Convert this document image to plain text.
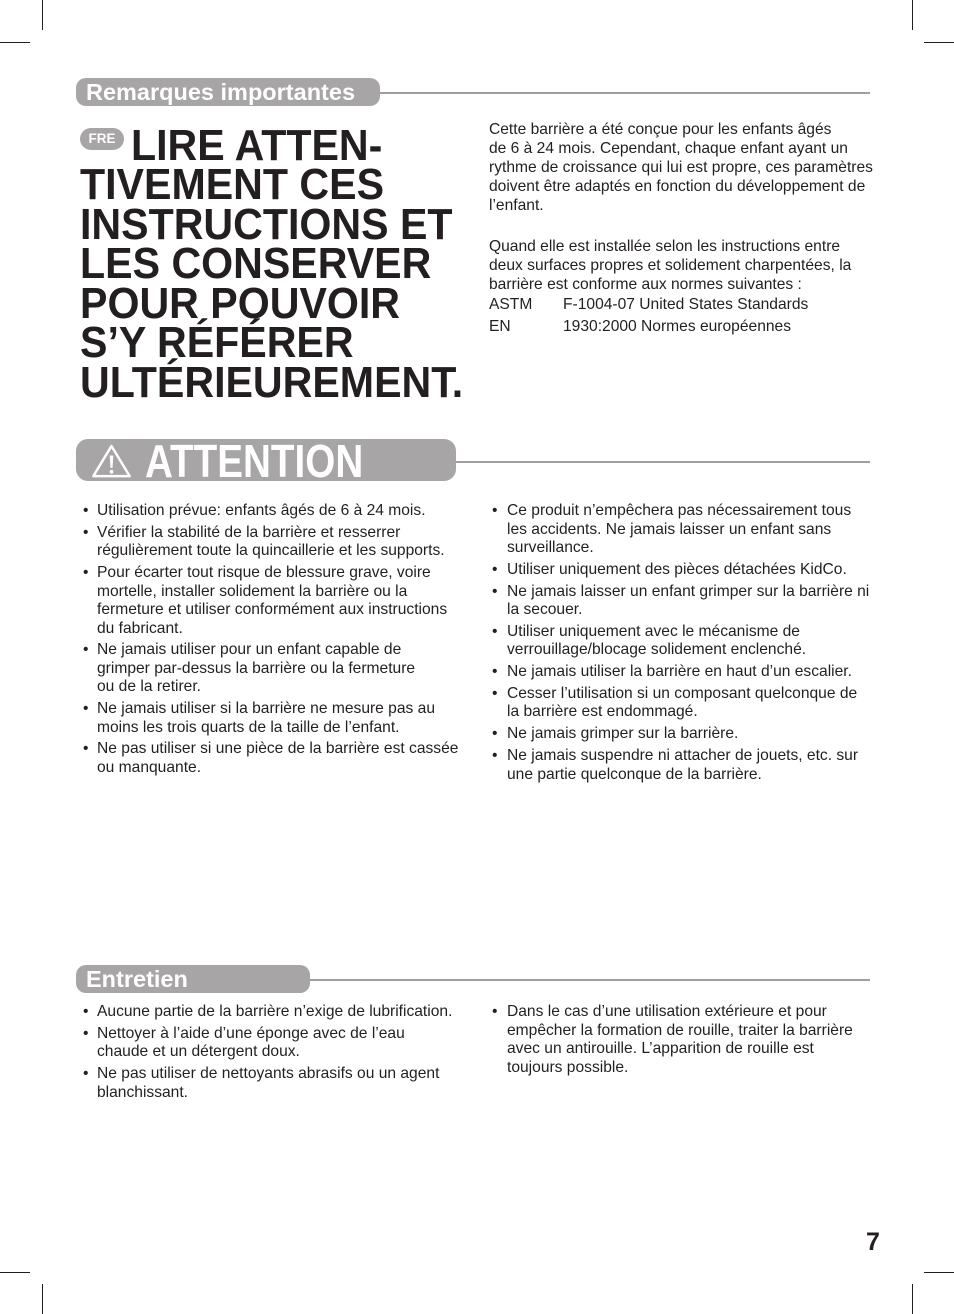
Remarques importantes
FRE LIRE ATTEN-
TIVEMENT CES
INSTRUCTIONS ET
LES CONSERVER
POUR POUVOIR
S’Y RÉFÉRER
ULTÉRIEUREMENT.

Cette barrière a été conçue pour les enfants âgés
de 6 à 24 mois. Cependant, chaque enfant ayant un
rythme de croissance qui lui est propre, ces paramètres
doivent être adaptés en fonction du développement de
l’enfant.

Quand elle est installée selon les instructions entre
deux surfaces propres et solidement charpentées, la
barrière est conforme aux normes suivantes :

ASTM	F-1004-07 United States Standards
EN	1930:2000 Normes européennes
ATTENTION
• Utilisation prévue: enfants âgés de 6 à 24 mois.
• Vérifier la stabilité de la barrière et resserrer
régulièrement toute la quincaillerie et les supports.
• Pour écarter tout risque de blessure grave, voire
mortelle, installer solidement la barrière ou la
fermeture et utiliser conformément aux instructions
du fabricant.
• Ne jamais utiliser pour un enfant capable de
grimper par-dessus la barrière ou la fermeture
ou de la retirer.
• Ne jamais utiliser si la barrière ne mesure pas au
moins les trois quarts de la taille de l’enfant.
• Ne pas utiliser si une pièce de la barrière est cassée
ou manquante.
• Ce produit n’empêchera pas nécessairement tous
les accidents. Ne jamais laisser un enfant sans
surveillance.
• Utiliser uniquement des pièces détachées KidCo.
• Ne jamais laisser un enfant grimper sur la barrière ni
la secouer.
• Utiliser uniquement avec le mécanisme de
verrouillage/blocage solidement enclenché.
• Ne jamais utiliser la barrière en haut d’un escalier.
• Cesser l’utilisation si un composant quelconque de
la barrière est endommagé.
• Ne jamais grimper sur la barrière.
• Ne jamais suspendre ni attacher de jouets, etc. sur
une partie quelconque de la barrière.
Entretien
• Aucune partie de la barrière n’exige de lubrification.
• Nettoyer à l’aide d’une éponge avec de l’eau
chaude et un détergent doux.
• Ne pas utiliser de nettoyants abrasifs ou un agent
blanchissant.
• Dans le cas d’une utilisation extérieure et pour
empêcher la formation de rouille, traiter la barrière
avec un antirouille. L’apparition de rouille est
toujours possible.
7
